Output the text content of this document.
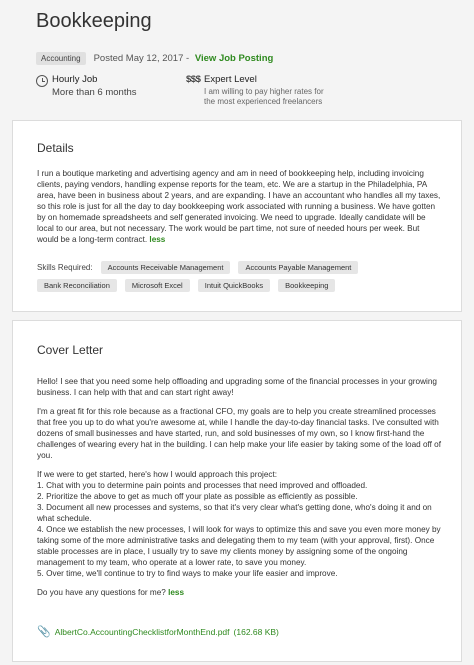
Bookkeeping
Accounting	Posted May 12, 2017 - View Job Posting
Hourly Job
More than 6 months
$$$ Expert Level
I am willing to pay higher rates for the most experienced freelancers
Details
I run a boutique marketing and advertising agency and am in need of bookkeeping help, including invoicing clients, paying vendors, handling expense reports for the team, etc. We are a startup in the Philadelphia, PA area, have been in business about 2 years, and are expanding. I have an accountant who handles all my taxes, so this role is just for all the day to day bookkeeping work associated with running a business. We have gotten by on homemade spreadsheets and self generated invoicing. We need to upgrade. Ideally candidate will be local to our area, but not necessary. The work would be part time, not sure of needed hours per week. But would be a long-term contract. less
Skills Required:	Accounts Receivable Management	Accounts Payable Management
Bank Reconciliation	Microsoft Excel	Intuit QuickBooks	Bookkeeping
Cover Letter

Hello! I see that you need some help offloading and upgrading some of the financial processes in your growing business. I can help with that and can start right away!

I'm a great fit for this role because as a fractional CFO, my goals are to help you create streamlined processes that free you up to do what you're awesome at, while I handle the day-to-day financial tasks. I've consulted with dozens of small businesses and have started, run, and sold businesses of my own, so I know first-hand the challenges of wearing every hat in the building. I can help make your life easier by taking some of the load off of you.

If we were to get started, here's how I would approach this project:

1. Chat with you to determine pain points and processes that need improved and offloaded.
2. Prioritize the above to get as much off your plate as possible as efficiently as possible.
3. Document all new processes and systems, so that it's very clear what's getting done, who's doing it and on what schedule.
4. Once we establish the new processes, I will look for ways to optimize this and save you even more money by taking some of the more administrative tasks and delegating them to my team (with your approval, first). Once stable processes are in place, I usually try to save my clients money by assigning some of the ongoing management to my team, who operate at a lower rate, to save you money.
5. Over time, we'll continue to try to find ways to make your life easier and improve.

Do you have any questions for me? less

📎 AlbertCo.AccountingChecklistforMonthEnd.pdf (162.68 KB)
